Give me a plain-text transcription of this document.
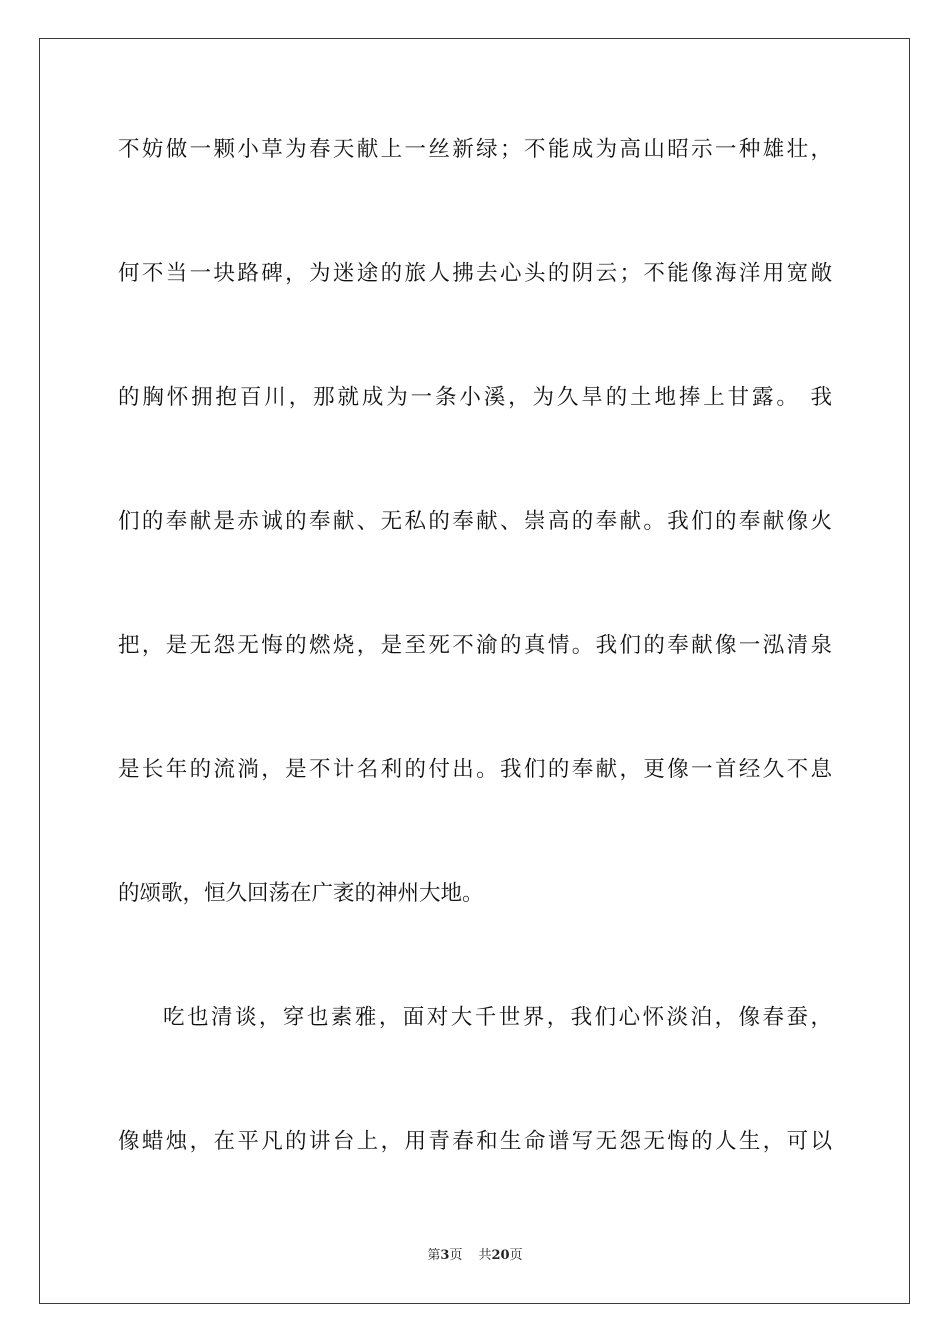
不妨做一颗小草为春天献上一丝新绿；不能成为高山昭示一种雄壮，
何不当一块路碑，为迷途的旅人拂去心头的阴云；不能像海洋用宽敞
的胸怀拥抱百川，那就成为一条小溪，为久旱的土地捧上甘露。 我
们的奉献是赤诚的奉献、无私的奉献、崇高的奉献。我们的奉献像火
把，是无怨无悔的燃烧，是至死不渝的真情。我们的奉献像一泓清泉
是长年的流淌，是不计名利的付出。我们的奉献，更像一首经久不息
的颂歌，恒久回荡在广袤的神州大地。
吃也清谈，穿也素雅，面对大千世界，我们心怀淡泊，像春蚕，
像蜡烛，在平凡的讲台上，用青春和生命谱写无怨无悔的人生，可以
第3页 共20页
